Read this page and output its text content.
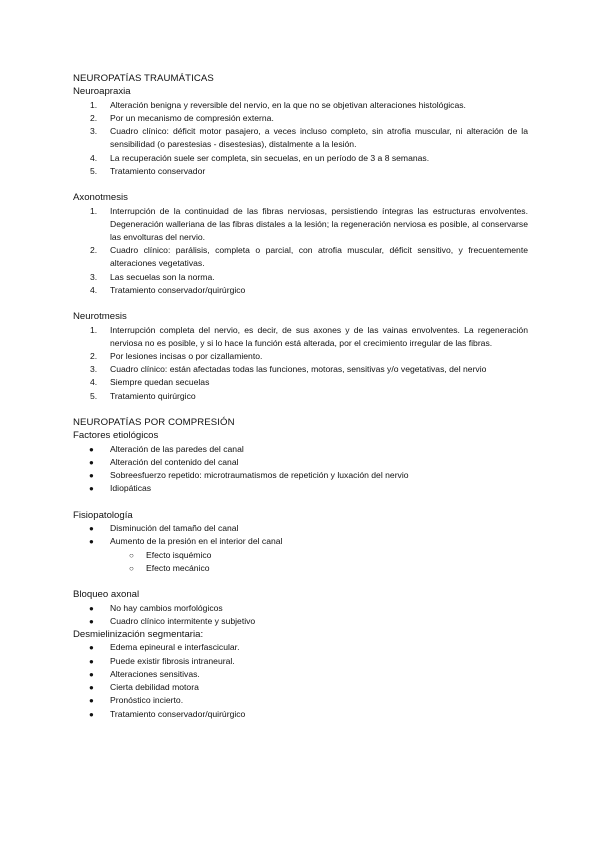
NEUROPATÍAS TRAUMÁTICAS
Neuroapraxia
1. Alteración benigna y reversible del nervio, en la que no se objetivan alteraciones histológicas.
2. Por un mecanismo de compresión externa.
3. Cuadro clínico: déficit motor pasajero, a veces incluso completo, sin atrofia muscular, ni alteración de la sensibilidad (o parestesias - disestesias), distalmente a la lesión.
4. La recuperación suele ser completa, sin secuelas, en un período de 3 a 8 semanas.
5. Tratamiento conservador
Axonotmesis
1. Interrupción de la continuidad de las fibras nerviosas, persistiendo íntegras las estructuras envolventes. Degeneración walleriana de las fibras distales a la lesión; la regeneración nerviosa es posible, al conservarse las envolturas del nervio.
2. Cuadro clínico: parálisis, completa o parcial, con atrofia muscular, déficit sensitivo, y frecuentemente alteraciones vegetativas.
3. Las secuelas son la norma.
4. Tratamiento conservador/quirúrgico
Neurotmesis
1. Interrupción completa del nervio, es decir, de sus axones y de las vainas envolventes. La regeneración nerviosa no es posible, y si lo hace la función está alterada, por el crecimiento irregular de las fibras.
2. Por lesiones incisas o por cizallamiento.
3. Cuadro clínico: están afectadas todas las funciones, motoras, sensitivas y/o vegetativas, del nervio
4. Siempre quedan secuelas
5. Tratamiento quirúrgico
NEUROPATÍAS POR COMPRESIÓN
Factores etiológicos
● Alteración de las paredes del canal
● Alteración del contenido del canal
● Sobreesfuerzo repetido: microtraumatismos de repetición y luxación del nervio
● Idiopáticas
Fisiopatología
● Disminución del tamaño del canal
● Aumento de la presión en el interior del canal
○ Efecto isquémico
○ Efecto mecánico
Bloqueo axonal
● No hay cambios morfológicos
● Cuadro clínico intermitente y subjetivo
Desmielinización segmentaria:
● Edema epineural e interfascicular.
● Puede existir fibrosis intraneural.
● Alteraciones sensitivas.
● Cierta debilidad motora
● Pronóstico incierto.
● Tratamiento conservador/quirúrgico
